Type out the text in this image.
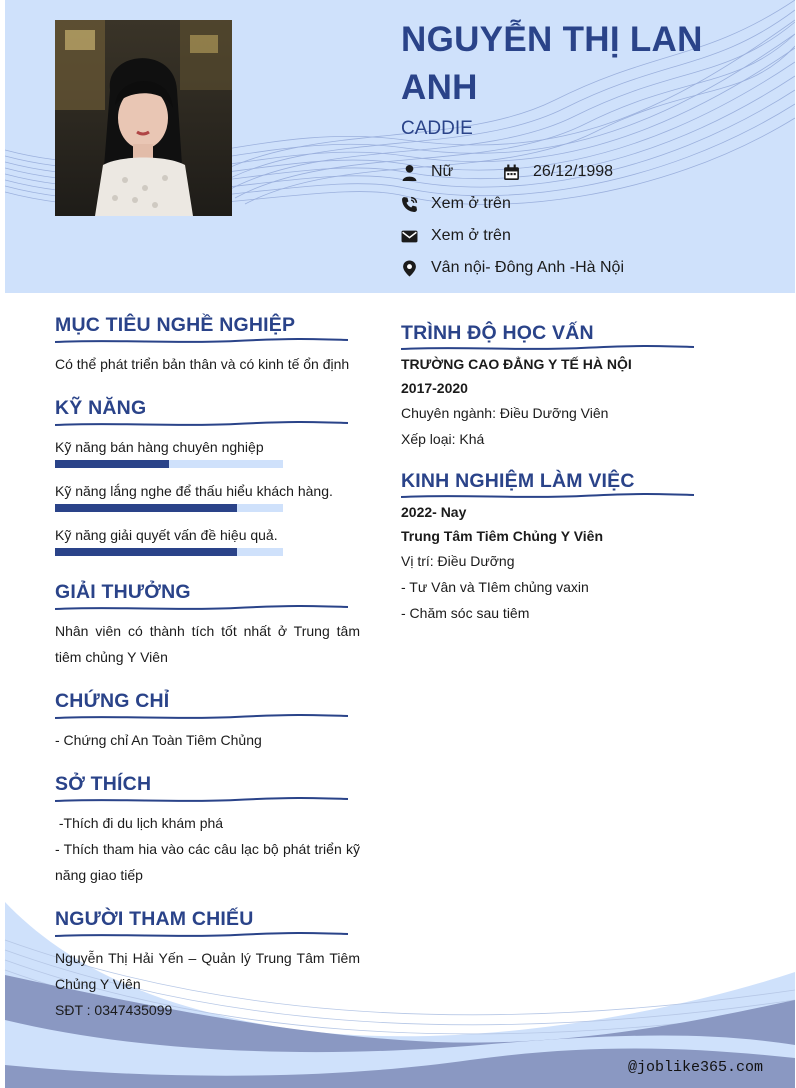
NGUYỄN THỊ LAN ANH
CADDIE
Nữ	26/12/1998
Xem ở trên
Xem ở trên
Vân nội- Đông Anh -Hà Nội
MỤC TIÊU NGHỀ NGHIỆP
Có thể phát triển bản thân và có kinh tế ổn định
KỸ NĂNG
Kỹ năng bán hàng chuyên nghiệp
Kỹ năng lắng nghe để thấu hiểu khách hàng.
Kỹ năng giải quyết vấn đề hiệu quả.
GIẢI THƯỞNG
Nhân viên có thành tích tốt nhất ở Trung tâm tiêm chủng Y Viên
CHỨNG CHỈ
- Chứng chỉ An Toàn Tiêm Chủng
SỞ THÍCH
-Thích đi du lịch khám phá
- Thích tham hia vào các câu lạc bộ phát triển kỹ năng giao tiếp
NGƯỜI THAM CHIẾU
Nguyễn Thị Hải Yến – Quản lý Trung Tâm Tiêm Chủng Y Viên
SĐT : 0347435099
TRÌNH ĐỘ HỌC VẤN
TRƯỜNG CAO ĐẲNG Y TẾ HÀ NỘI
2017-2020
Chuyên ngành: Điều Dưỡng Viên
Xếp loại: Khá
KINH NGHIỆM LÀM VIỆC
2022- Nay
Trung Tâm Tiêm Chủng Y Viên
Vị trí: Điều Dưỡng
- Tư Vân và TIêm chủng vaxin
- Chăm sóc sau tiêm
@joblike365.com
